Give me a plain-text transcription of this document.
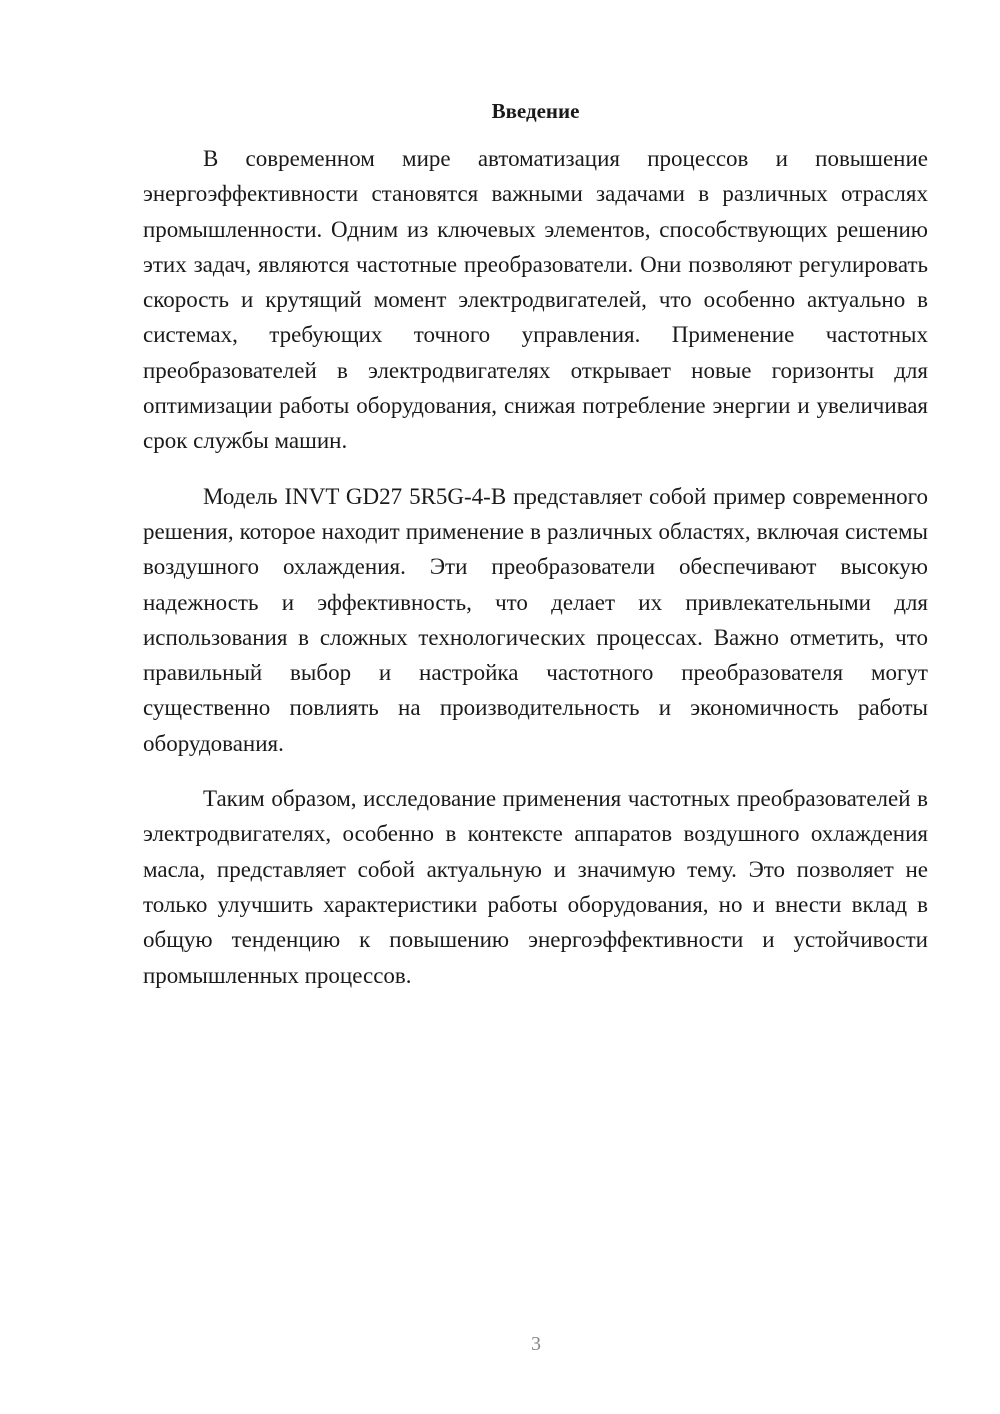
Введение

В современном мире автоматизация процессов и повышение энергоэффективности становятся важными задачами в различных отраслях промышленности. Одним из ключевых элементов, способствующих решению этих задач, являются частотные преобразователи. Они позволяют регулировать скорость и крутящий момент электродвигателей, что особенно актуально в системах, требующих точного управления. Применение частотных преобразователей в электродвигателях открывает новые горизонты для оптимизации работы оборудования, снижая потребление энергии и увеличивая срок службы машин.

Модель INVT GD27 5R5G-4-B представляет собой пример современного решения, которое находит применение в различных областях, включая системы воздушного охлаждения. Эти преобразователи обеспечивают высокую надежность и эффективность, что делает их привлекательными для использования в сложных технологических процессах. Важно отметить, что правильный выбор и настройка частотного преобразователя могут существенно повлиять на производительность и экономичность работы оборудования.

Таким образом, исследование применения частотных преобразователей в электродвигателях, особенно в контексте аппаратов воздушного охлаждения масла, представляет собой актуальную и значимую тему. Это позволяет не только улучшить характеристики работы оборудования, но и внести вклад в общую тенденцию к повышению энергоэффективности и устойчивости промышленных процессов.

3
